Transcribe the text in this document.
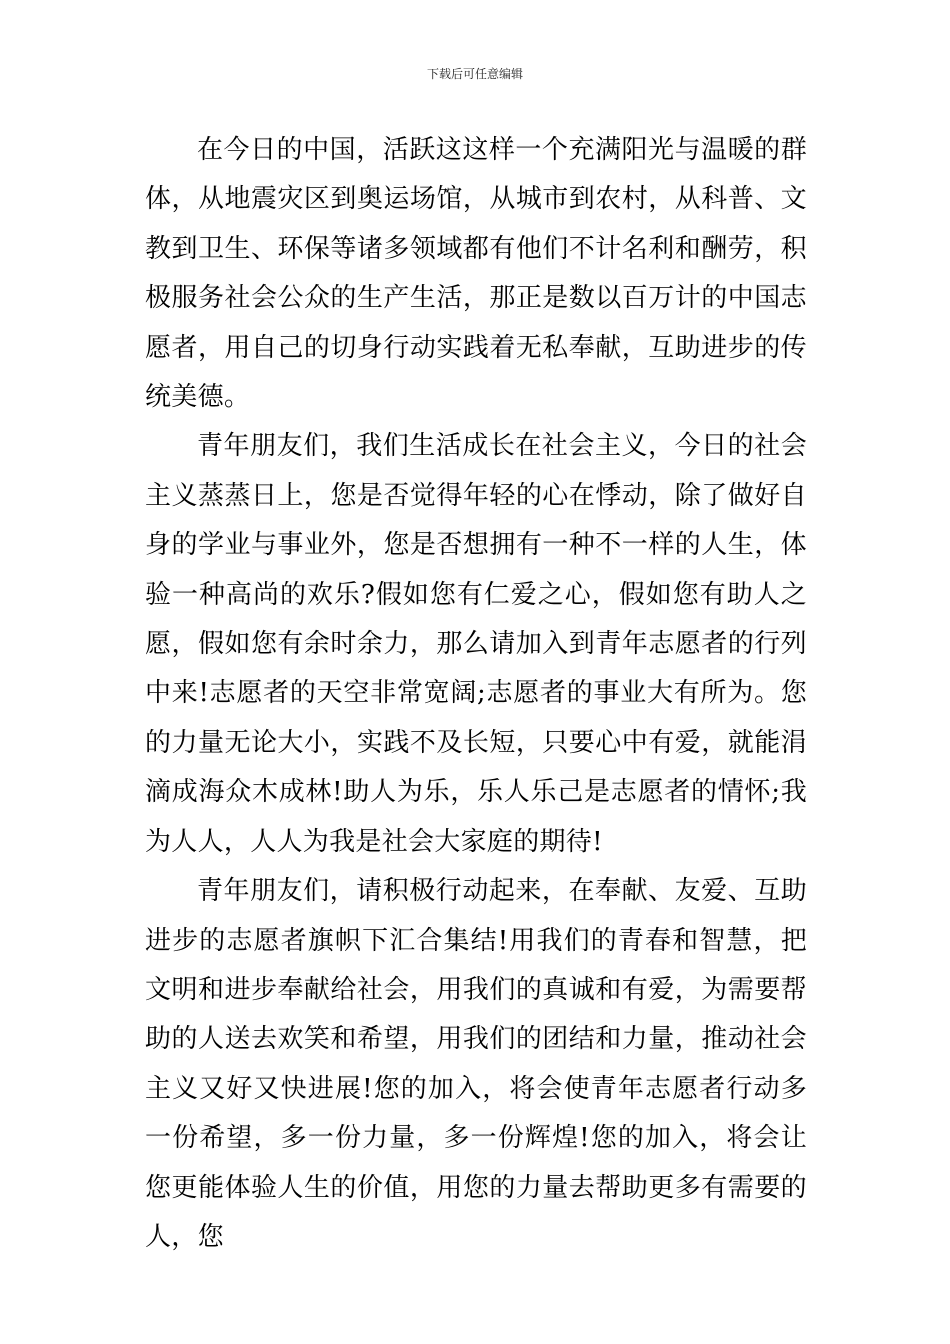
下载后可任意编辑

在今日的中国，活跃这这样一个充满阳光与温暖的群体，从地震灾区到奥运场馆，从城市到农村，从科普、文教到卫生、环保等诸多领域都有他们不计名利和酬劳，积极服务社会公众的生产生活，那正是数以百万计的中国志愿者，用自己的切身行动实践着无私奉献，互助进步的传统美德。

青年朋友们，我们生活成长在社会主义，今日的社会主义蒸蒸日上，您是否觉得年轻的心在悸动，除了做好自身的学业与事业外，您是否想拥有一种不一样的人生，体验一种高尚的欢乐?假如您有仁爱之心，假如您有助人之愿，假如您有余时余力，那么请加入到青年志愿者的行列中来!志愿者的天空非常宽阔;志愿者的事业大有所为。您的力量无论大小，实践不及长短，只要心中有爱，就能涓滴成海众木成林!助人为乐，乐人乐己是志愿者的情怀;我为人人，人人为我是社会大家庭的期待!

青年朋友们，请积极行动起来，在奉献、友爱、互助进步的志愿者旗帜下汇合集结!用我们的青春和智慧，把文明和进步奉献给社会，用我们的真诚和有爱，为需要帮助的人送去欢笑和希望，用我们的团结和力量，推动社会主义又好又快进展!您的加入，将会使青年志愿者行动多一份希望，多一份力量，多一份辉煌!您的加入，将会让您更能体验人生的价值，用您的力量去帮助更多有需要的人，您
